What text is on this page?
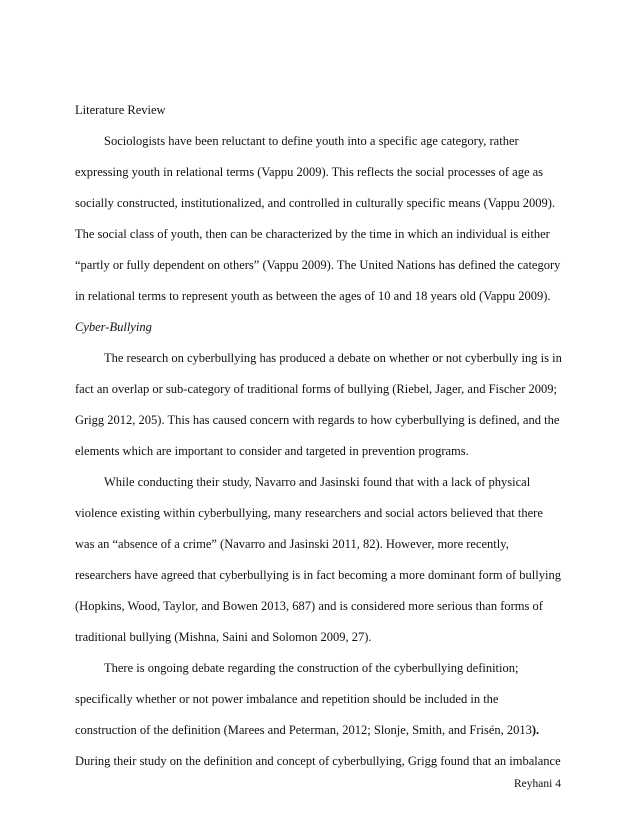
Literature Review
Sociologists have been reluctant to define youth into a specific age category, rather
expressing youth in relational terms (Vappu 2009). This reflects the social processes of age as
socially constructed, institutionalized, and controlled in culturally specific means (Vappu 2009).
The social class of youth, then can be characterized by the time in which an individual is either
“partly or fully dependent on others” (Vappu 2009). The United Nations has defined the category
in relational terms to represent youth as between the ages of 10 and 18 years old (Vappu 2009).
Cyber-Bullying
The research on cyberbullying has produced a debate on whether or not cyberbully ing is in
fact an overlap or sub-category of traditional forms of bullying (Riebel, Jager, and Fischer 2009;
Grigg 2012, 205). This has caused concern with regards to how cyberbullying is defined, and the
elements which are important to consider and targeted in prevention programs.
While conducting their study, Navarro and Jasinski found that with a lack of physical
violence existing within cyberbullying, many researchers and social actors believed that there
was an “absence of a crime” (Navarro and Jasinski 2011, 82). However, more recently,
researchers have agreed that cyberbullying is in fact becoming a more dominant form of bullying
(Hopkins, Wood, Taylor, and Bowen 2013, 687) and is considered more serious than forms of
traditional bullying (Mishna, Saini and Solomon 2009, 27).
There is ongoing debate regarding the construction of the cyberbullying definition;
specifically whether or not power imbalance and repetition should be included in the
construction of the definition (Marees and Peterman, 2012; Slonje, Smith, and Frisén, 2013).
During their study on the definition and concept of cyberbullying, Grigg found that an imbalance
Reyhani 4
